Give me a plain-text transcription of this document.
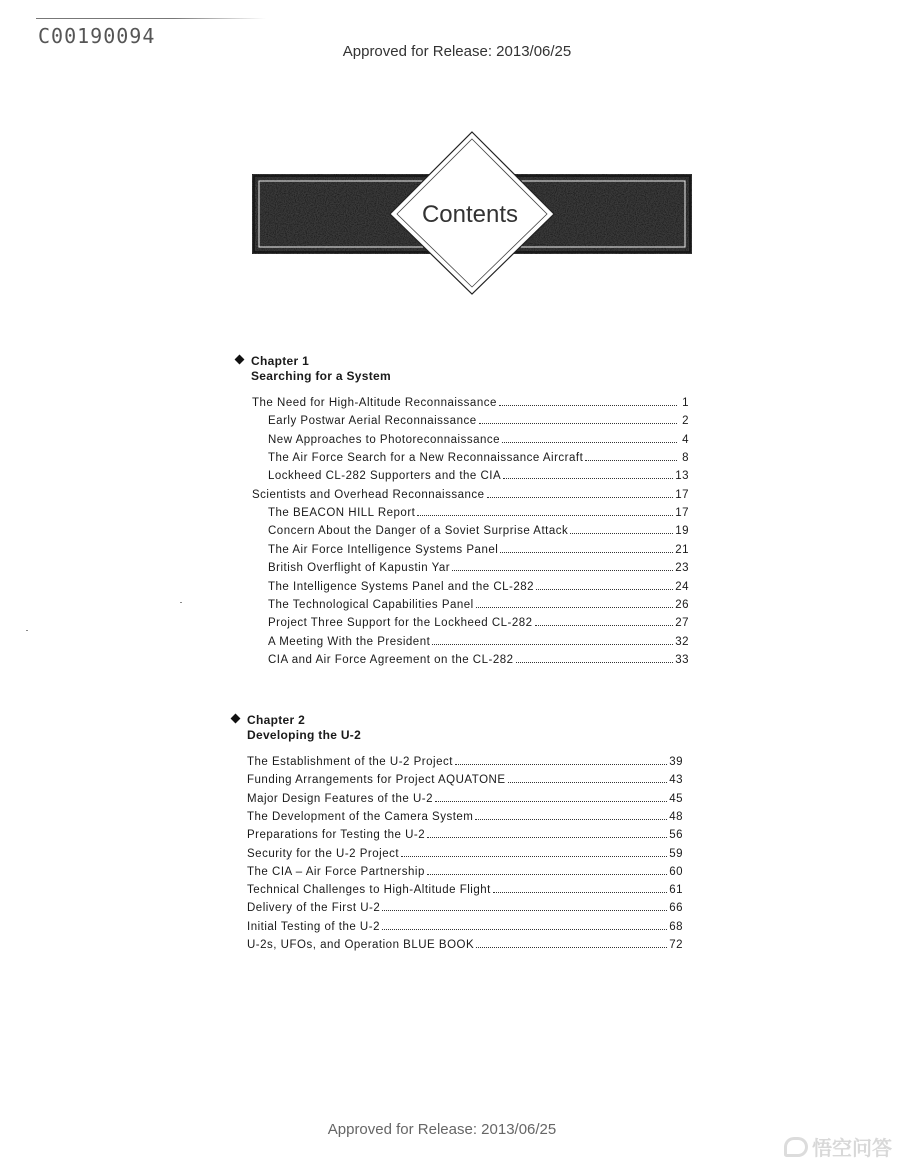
C00190094
Approved for Release: 2013/06/25
Contents
Chapter 1
Searching for a System
The Need for High-Altitude Reconnaissance	1
Early Postwar Aerial Reconnaissance	2
New Approaches to Photoreconnaissance	4
The Air Force Search for a New Reconnaissance Aircraft	8
Lockheed CL-282 Supporters and the CIA	13
Scientists and Overhead Reconnaissance	17
The BEACON HILL Report	17
Concern About the Danger of a Soviet Surprise Attack	19
The Air Force Intelligence Systems Panel	21
British Overflight of Kapustin Yar	23
The Intelligence Systems Panel and the CL-282	24
The Technological Capabilities Panel	26
Project Three Support for the Lockheed CL-282	27
A Meeting With the President	32
CIA and Air Force Agreement on the CL-282	33
Chapter 2
Developing the U-2
The Establishment of the U-2 Project	39
Funding Arrangements for Project AQUATONE	43
Major Design Features of the U-2	45
The Development of the Camera System	48
Preparations for Testing the U-2	56
Security for the U-2 Project	59
The CIA – Air Force Partnership	60
Technical Challenges to High-Altitude Flight	61
Delivery of the First U-2	66
Initial Testing of the U-2	68
U-2s, UFOs, and Operation BLUE BOOK	72
Approved for Release: 2013/06/25
悟空问答
